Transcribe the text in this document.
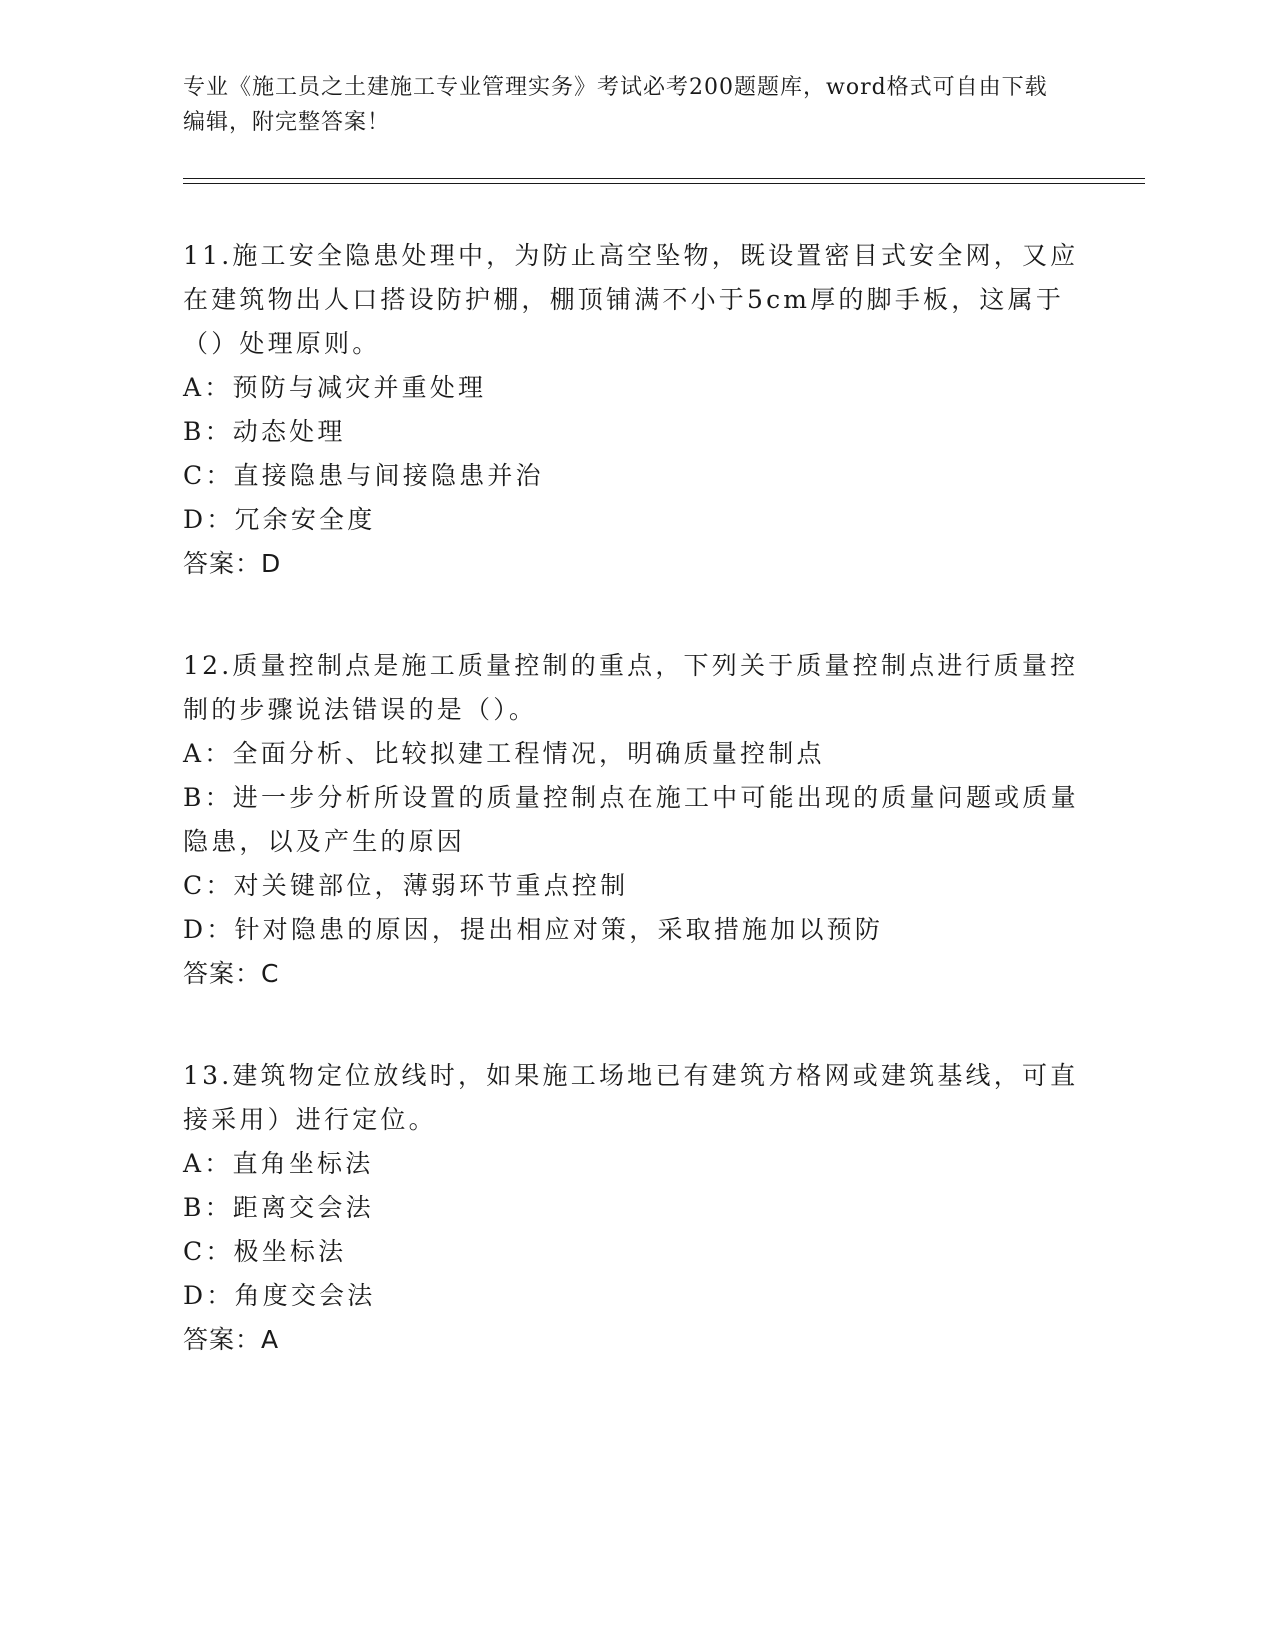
专业《施工员之土建施工专业管理实务》考试必考200题题库，word格式可自由下载编辑，附完整答案！

11.施工安全隐患处理中，为防止高空坠物，既设置密目式安全网，又应在建筑物出人口搭设防护棚，棚顶铺满不小于5cm厚的脚手板，这属于（）处理原则。

A：预防与减灾并重处理

B：动态处理

C：直接隐患与间接隐患并治

D：冗余安全度

答案：D

12.质量控制点是施工质量控制的重点，下列关于质量控制点进行质量控制的步骤说法错误的是（）。

A：全面分析、比较拟建工程情况，明确质量控制点

B：进一步分析所设置的质量控制点在施工中可能出现的质量问题或质量隐患，以及产生的原因

C：对关键部位，薄弱环节重点控制

D：针对隐患的原因，提出相应对策，采取措施加以预防

答案：C

13.建筑物定位放线时，如果施工场地已有建筑方格网或建筑基线，可直接采用）进行定位。

A：直角坐标法

B：距离交会法

C：极坐标法

D：角度交会法

答案：A
